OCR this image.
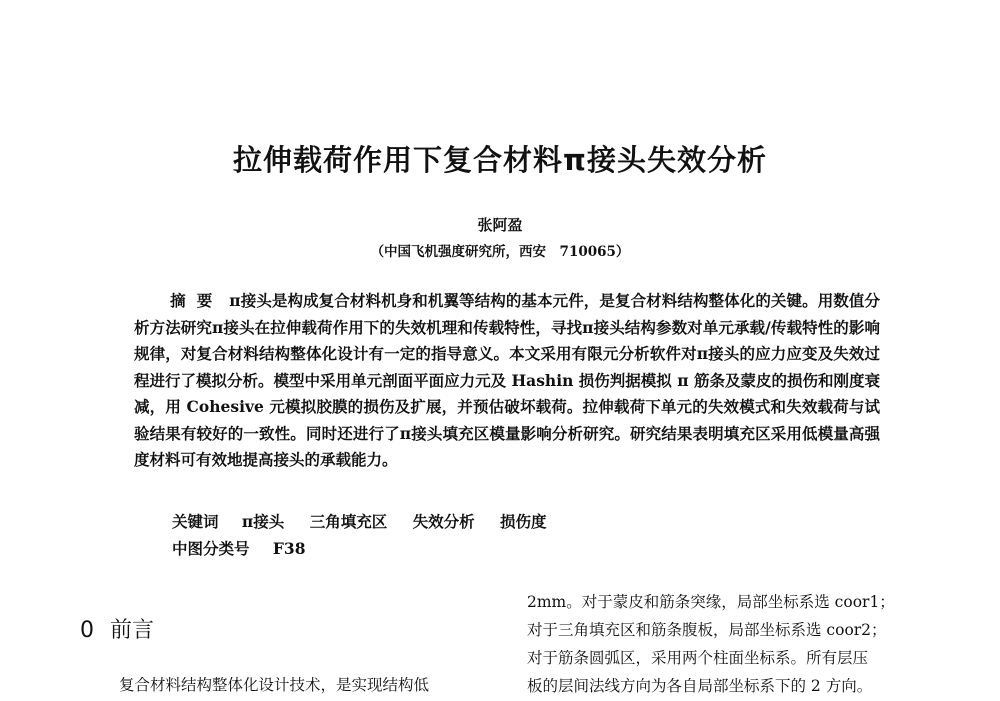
拉伸载荷作用下复合材料π接头失效分析
张阿盈
（中国飞机强度研究所，西安　710065）
摘要 π接头是构成复合材料机身和机翼等结构的基本元件，是复合材料结构整体化的关键。用数值分析方法研究π接头在拉伸载荷作用下的失效机理和传载特性，寻找π接头结构参数对单元承载/传载特性的影响规律，对复合材料结构整体化设计有一定的指导意义。本文采用有限元分析软件对π接头的应力应变及失效过程进行了模拟分析。模型中采用单元剖面平面应力元及 Hashin 损伤判据模拟 π 筋条及蒙皮的损伤和刚度衰减，用 Cohesive 元模拟胶膜的损伤及扩展，并预估破坏载荷。拉伸载荷下单元的失效模式和失效载荷与试验结果有较好的一致性。同时还进行了π接头填充区模量影响分析研究。研究结果表明填充区采用低模量高强度材料可有效地提高接头的承载能力。
关键词 π接头 三角填充区 失效分析 损伤度
中图分类号 F38
0 前言
复合材料结构整体化设计技术，是实现结构低
2mm。对于蒙皮和筋条突缘，局部坐标系选 coor1；
对于三角填充区和筋条腹板，局部坐标系选 coor2；
对于筋条圆弧区，采用两个柱面坐标系。所有层压
板的层间法线方向为各自局部坐标系下的 2 方向。
